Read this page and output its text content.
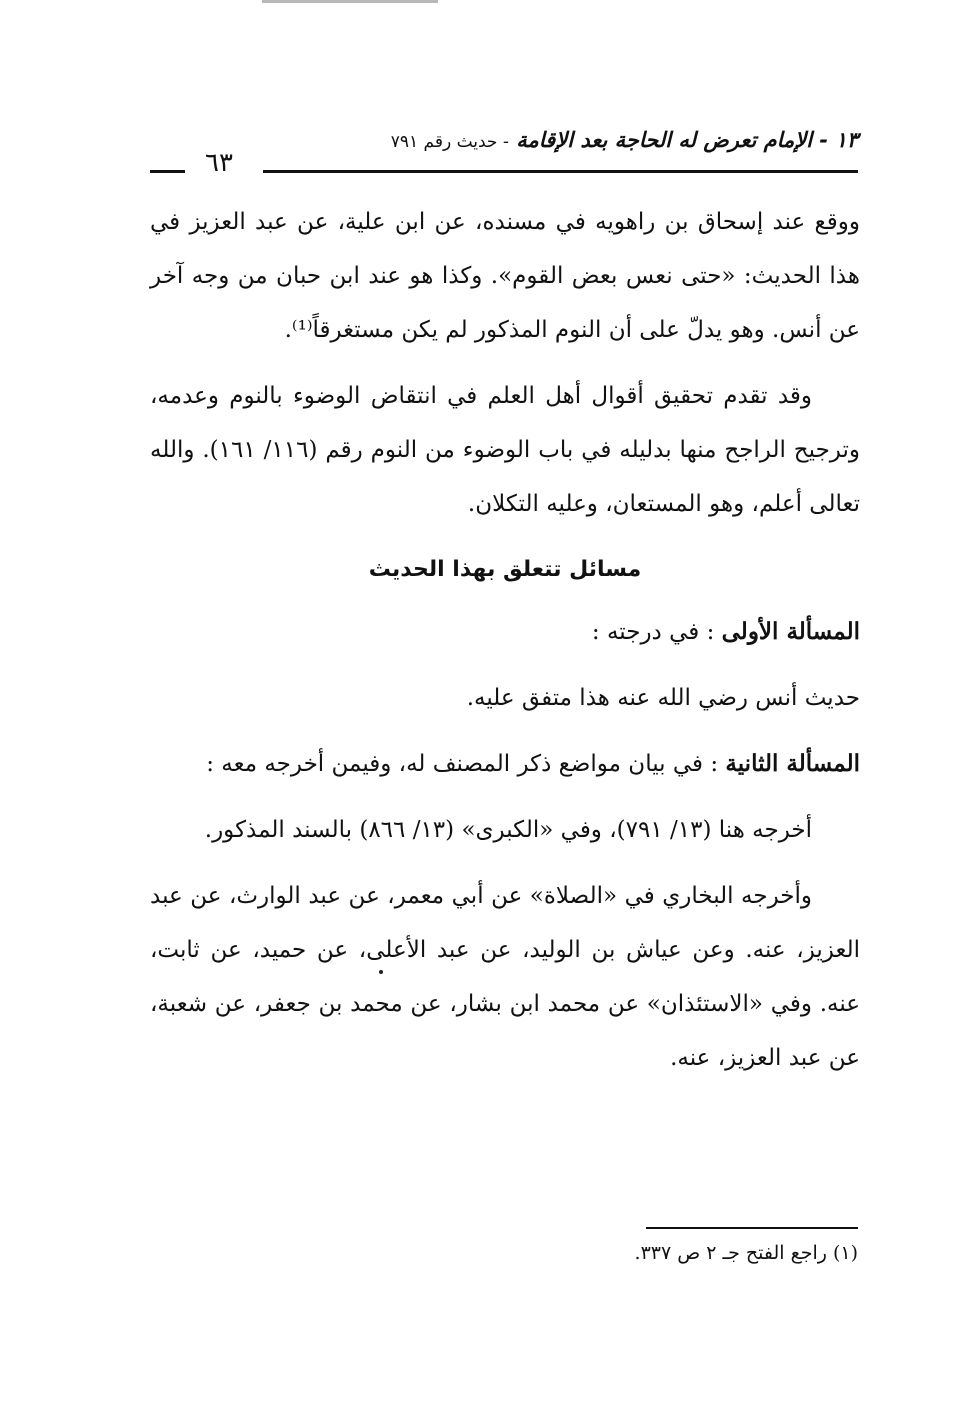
١٣ - الإمام تعرض له الحاجة بعد الإقامة - حديث رقم ٧٩١
٦٣

ووقع عند إسحاق بن راهويه في مسنده، عن ابن علية، عن عبد العزيز في هذا الحديث: «حتى نعس بعض القوم». وكذا هو عند ابن حبان من وجه آخر عن أنس. وهو يدلّ على أن النوم المذكور لم يكن مستغرقاً⁽¹⁾.

وقد تقدم تحقيق أقوال أهل العلم في انتقاض الوضوء بالنوم وعدمه، وترجيح الراجح منها بدليله في باب الوضوء من النوم رقم (١١٦/ ١٦١). والله تعالى أعلم، وهو المستعان، وعليه التكلان.

مسائل تتعلق بهذا الحديث

المسألة الأولى : في درجته :

حديث أنس رضي الله عنه هذا متفق عليه.

المسألة الثانية : في بيان مواضع ذكر المصنف له، وفيمن أخرجه معه :

أخرجه هنا (١٣/ ٧٩١)، وفي «الكبرى» (١٣/ ٨٦٦) بالسند المذكور.

وأخرجه البخاري في «الصلاة» عن أبي معمر، عن عبد الوارث، عن عبد العزيز، عنه. وعن عياش بن الوليد، عن عبد الأعلى، عن حميد، عن ثابت، عنه. وفي «الاستئذان» عن محمد ابن بشار، عن محمد بن جعفر، عن شعبة، عن عبد العزيز، عنه.

(١) راجع الفتح جـ ٢ ص ٣٣٧.
